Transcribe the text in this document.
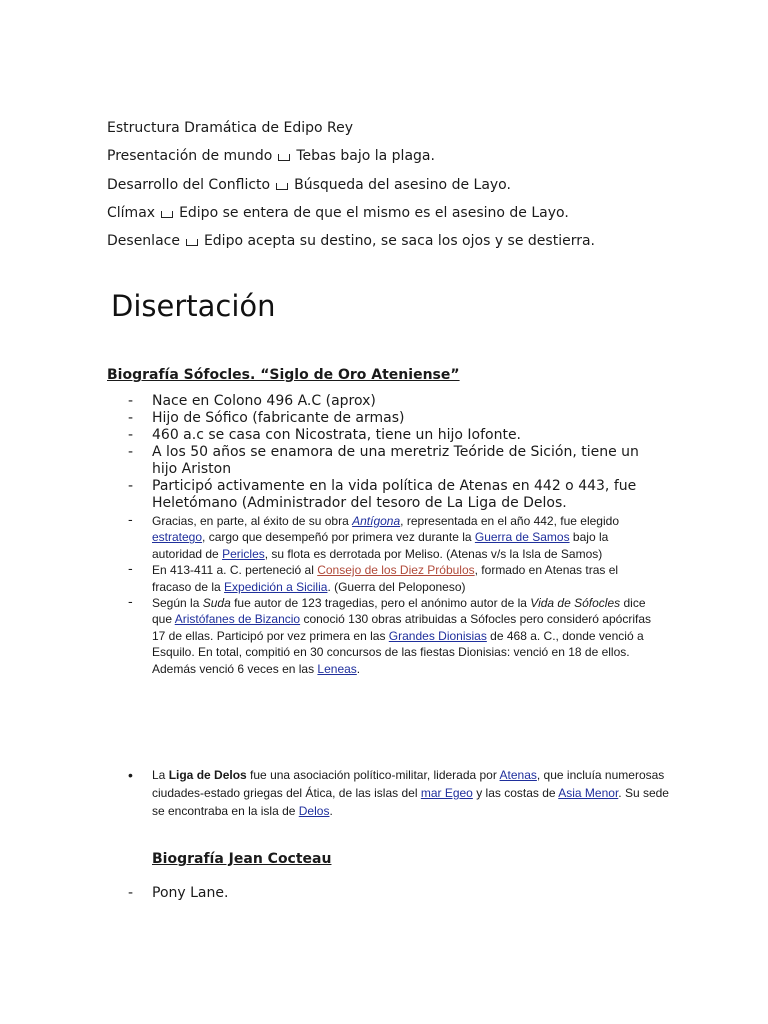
Estructura Dramática de Edipo Rey
Presentación de mundo Tebas bajo la plaga.
Desarrollo del Conflicto Búsqueda del asesino de Layo.
Clímax Edipo se entera de que el mismo es el asesino de Layo.
Desenlace Edipo acepta su destino, se saca los ojos y se destierra.
Disertación
Biografía Sófocles. “Siglo de Oro Ateniense”
- Nace en Colono 496 A.C (aprox)
- Hijo de Sófico (fabricante de armas)
- 460 a.c se casa con Nicostrata, tiene un hijo Iofonte.
- A los 50 años se enamora de una meretriz Teóride de Sición, tiene un hijo Ariston
- Participó activamente en la vida política de Atenas en 442 o 443, fue Heletómano (Administrador del tesoro de La Liga de Delos.
- Gracias, en parte, al éxito de su obra Antígona, representada en el año 442, fue elegido estratego, cargo que desempeñó por primera vez durante la Guerra de Samos bajo la autoridad de Pericles, su flota es derrotada por Meliso. (Atenas v/s la Isla de Samos)
- En 413-411 a. C. perteneció al Consejo de los Diez Próbulos, formado en Atenas tras el fracaso de la Expedición a Sicilia. (Guerra del Peloponeso)
- Según la Suda fue autor de 123 tragedias, pero el anónimo autor de la Vida de Sófocles dice que Aristófanes de Bizancio conoció 130 obras atribuidas a Sófocles pero consideró apócrifas 17 de ellas. Participó por vez primera en las Grandes Dionisias de 468 a. C., donde venció a Esquilo. En total, compitió en 30 concursos de las fiestas Dionisias: venció en 18 de ellos. Además venció 6 veces en las Leneas.
• La Liga de Delos fue una asociación político-militar, liderada por Atenas, que incluía numerosas ciudades-estado griegas del Ática, de las islas del mar Egeo y las costas de Asia Menor. Su sede se encontraba en la isla de Delos.
Biografía Jean Cocteau
- Pony Lane.
